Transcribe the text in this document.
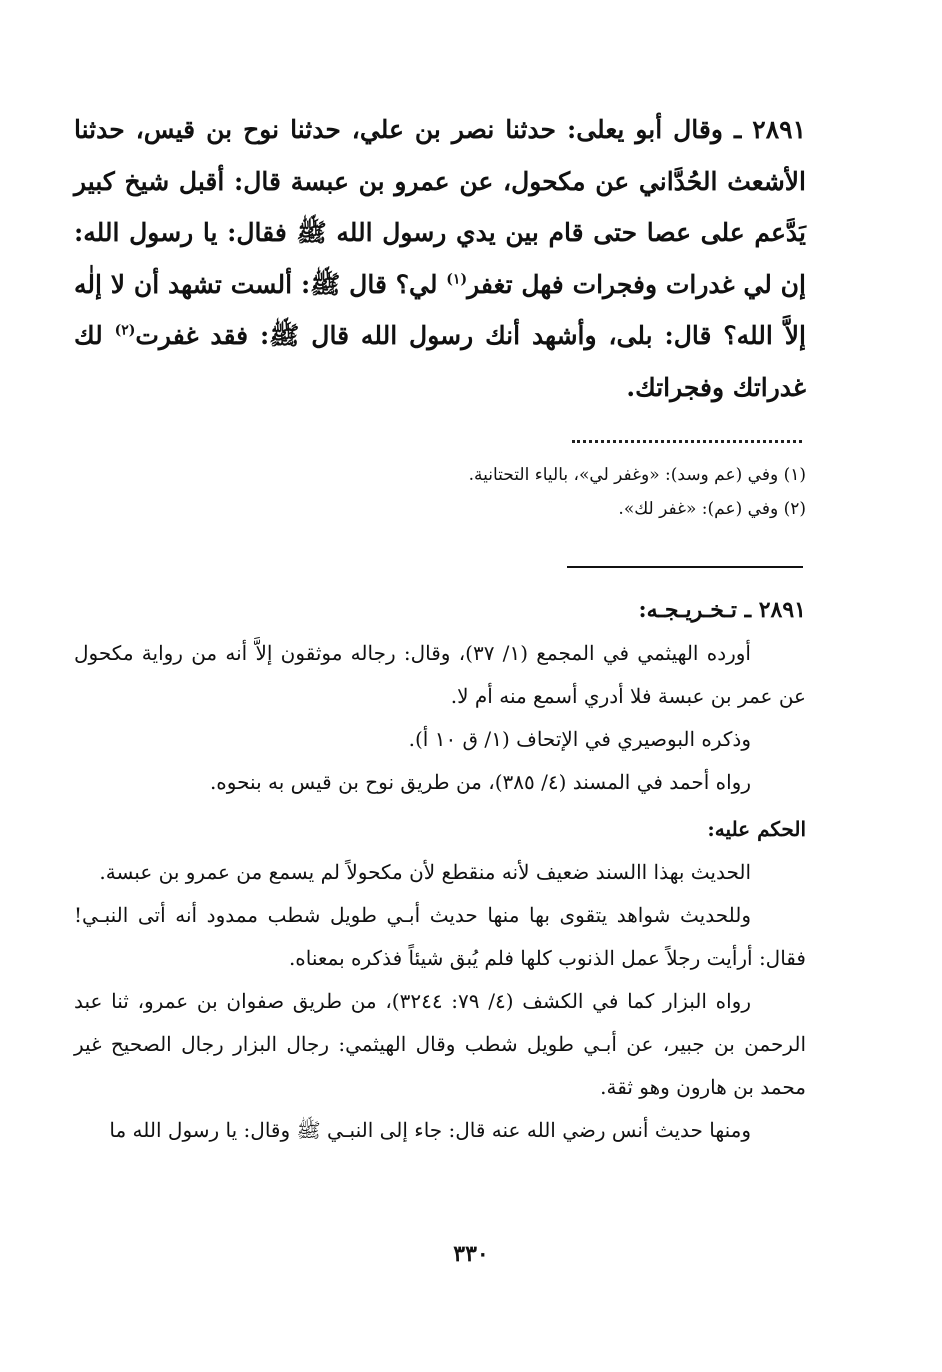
٢٨٩١ ـ وقال أبو يعلى: حدثنا نصر بن علي، حدثنا نوح بن قيس، حدثنا الأشعث الحُدَّاني عن مكحول، عن عمرو بن عبسة قال: أقبل شيخ كبير يَدَّعم على عصا حتى قام بين يدي رسول الله ﷺ فقال: يا رسول الله: إن لي غدرات وفجرات فهل تغفر$^{(١)}$ لي؟ قال ﷺ: ألست تشهد أن لا إلٰه إلاَّ الله؟ قال: بلى، وأشهد أنك رسول الله قال ﷺ: فقد غفرت$^{(٢)}$ لك غدراتك وفجراتك.

(١) وفي (عم وسد): «وغفر لي»، بالياء التحتانية.

(٢) وفي (عم): «غفر لك».

٢٨٩١ ـ تـخـريـجـه:

أورده الهيثمي في المجمع (١/ ٣٧)، وقال: رجاله موثقون إلاَّ أنه من رواية مكحول عن عمر بن عبسة فلا أدري أسمع منه أم لا.

وذكره البوصيري في الإتحاف (١/ ق ١٠ أ).

رواه أحمد في المسند (٤/ ٣٨٥)، من طريق نوح بن قيس به بنحوه.

الحكم عليه:

الحديث بهذا االسند ضعيف لأنه منقطع لأن مكحولاً لم يسمع من عمرو بن عبسة.

وللحديث شواهد يتقوى بها منها حديث أبـي طويل شطب ممدود أنه أتى النبـي! فقال: أرأيت رجلاً عمل الذنوب كلها فلم يُبق شيئاً فذكره بمعناه.

رواه البزار كما في الكشف (٤/ ٧٩: ٣٢٤٤)، من طريق صفوان بن عمرو، ثنا عبد الرحمن بن جبير، عن أبـي طويل شطب وقال الهيثمي: رجال البزار رجال الصحيح غير محمد بن هارون وهو ثقة.

ومنها حديث أنس رضي الله عنه قال: جاء إلى النبـي ﷺ وقال: يا رسول الله ما

٣٣٠
